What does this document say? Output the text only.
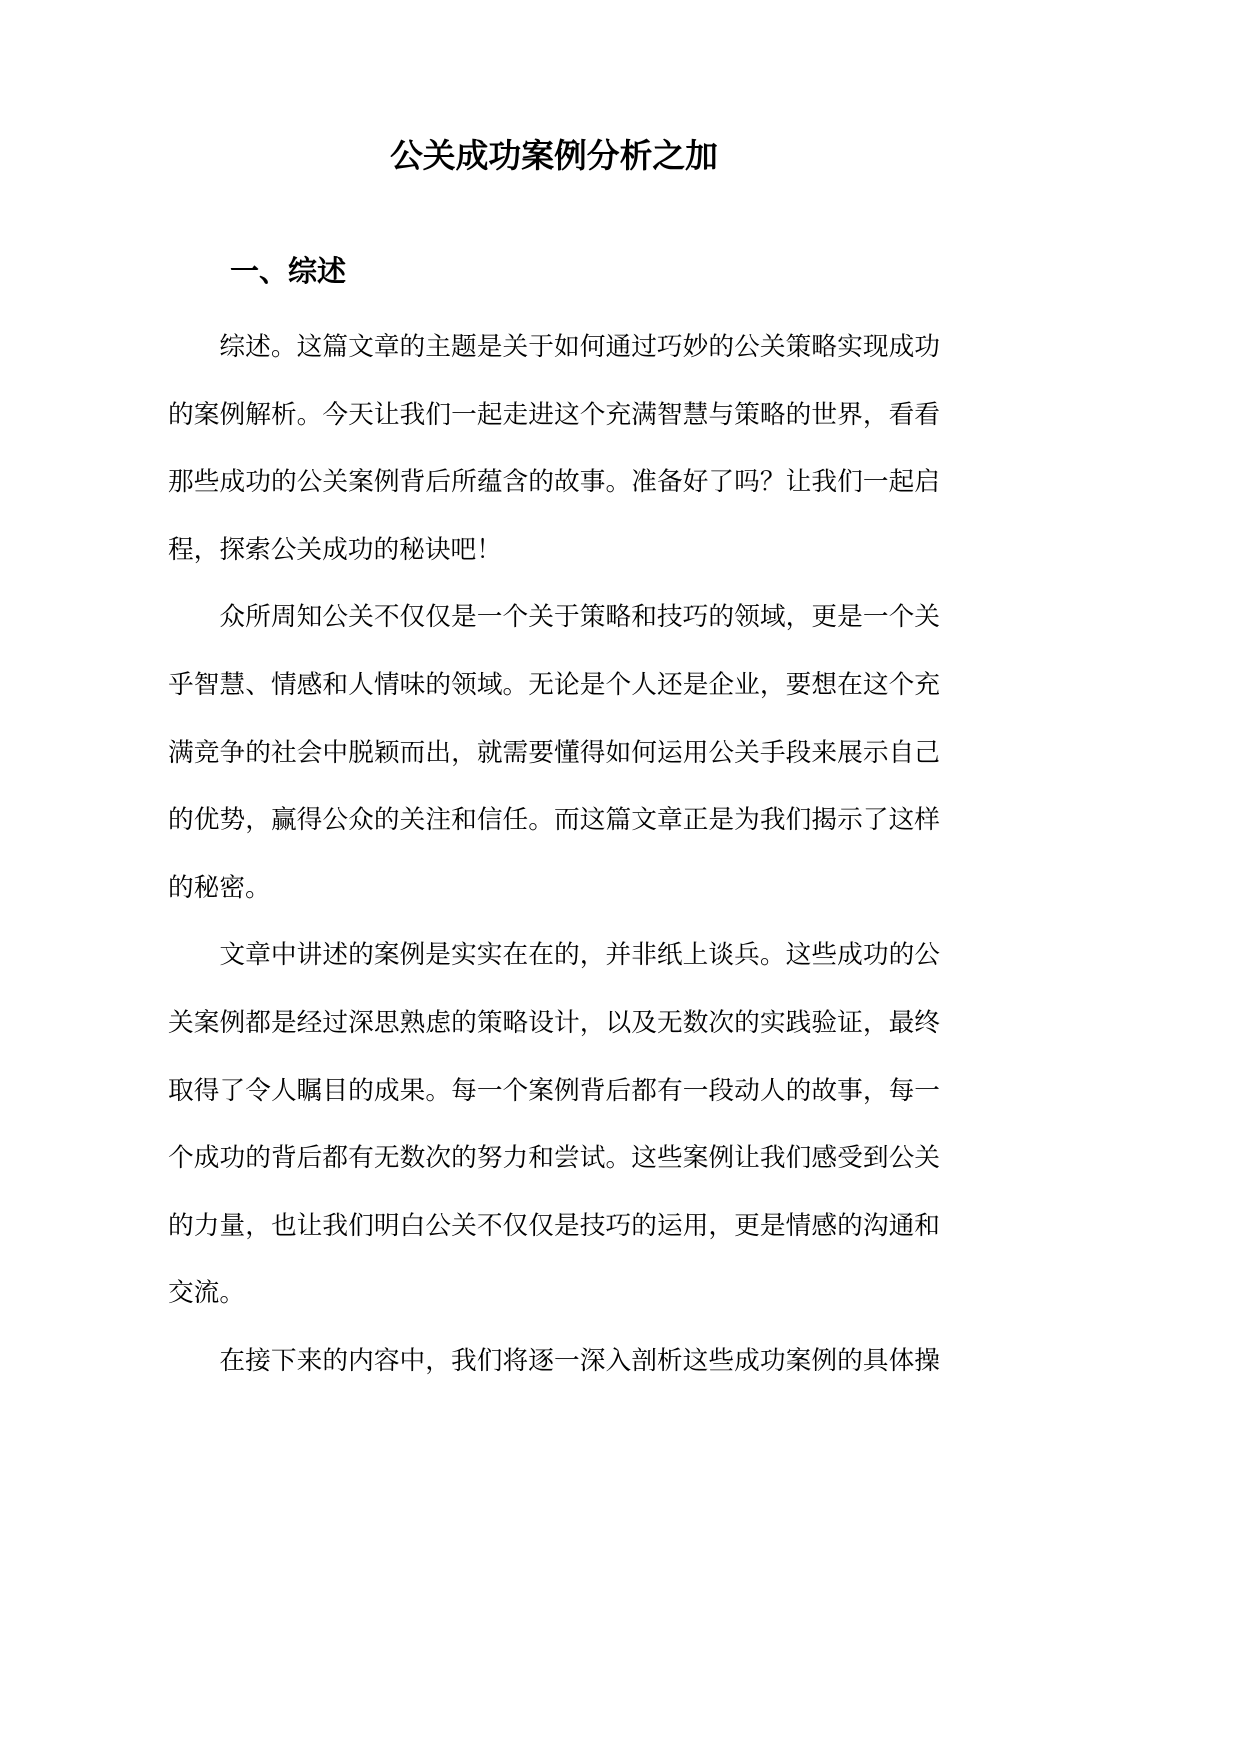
公关成功案例分析之加
一、综述
综述。这篇文章的主题是关于如何通过巧妙的公关策略实现成功
的案例解析。今天让我们一起走进这个充满智慧与策略的世界，看看
那些成功的公关案例背后所蕴含的故事。准备好了吗？让我们一起启
程，探索公关成功的秘诀吧！
众所周知公关不仅仅是一个关于策略和技巧的领域，更是一个关
乎智慧、情感和人情味的领域。无论是个人还是企业，要想在这个充
满竞争的社会中脱颖而出，就需要懂得如何运用公关手段来展示自己
的优势，赢得公众的关注和信任。而这篇文章正是为我们揭示了这样
的秘密。
文章中讲述的案例是实实在在的，并非纸上谈兵。这些成功的公
关案例都是经过深思熟虑的策略设计，以及无数次的实践验证，最终
取得了令人瞩目的成果。每一个案例背后都有一段动人的故事，每一
个成功的背后都有无数次的努力和尝试。这些案例让我们感受到公关
的力量，也让我们明白公关不仅仅是技巧的运用，更是情感的沟通和
交流。
在接下来的内容中，我们将逐一深入剖析这些成功案例的具体操
